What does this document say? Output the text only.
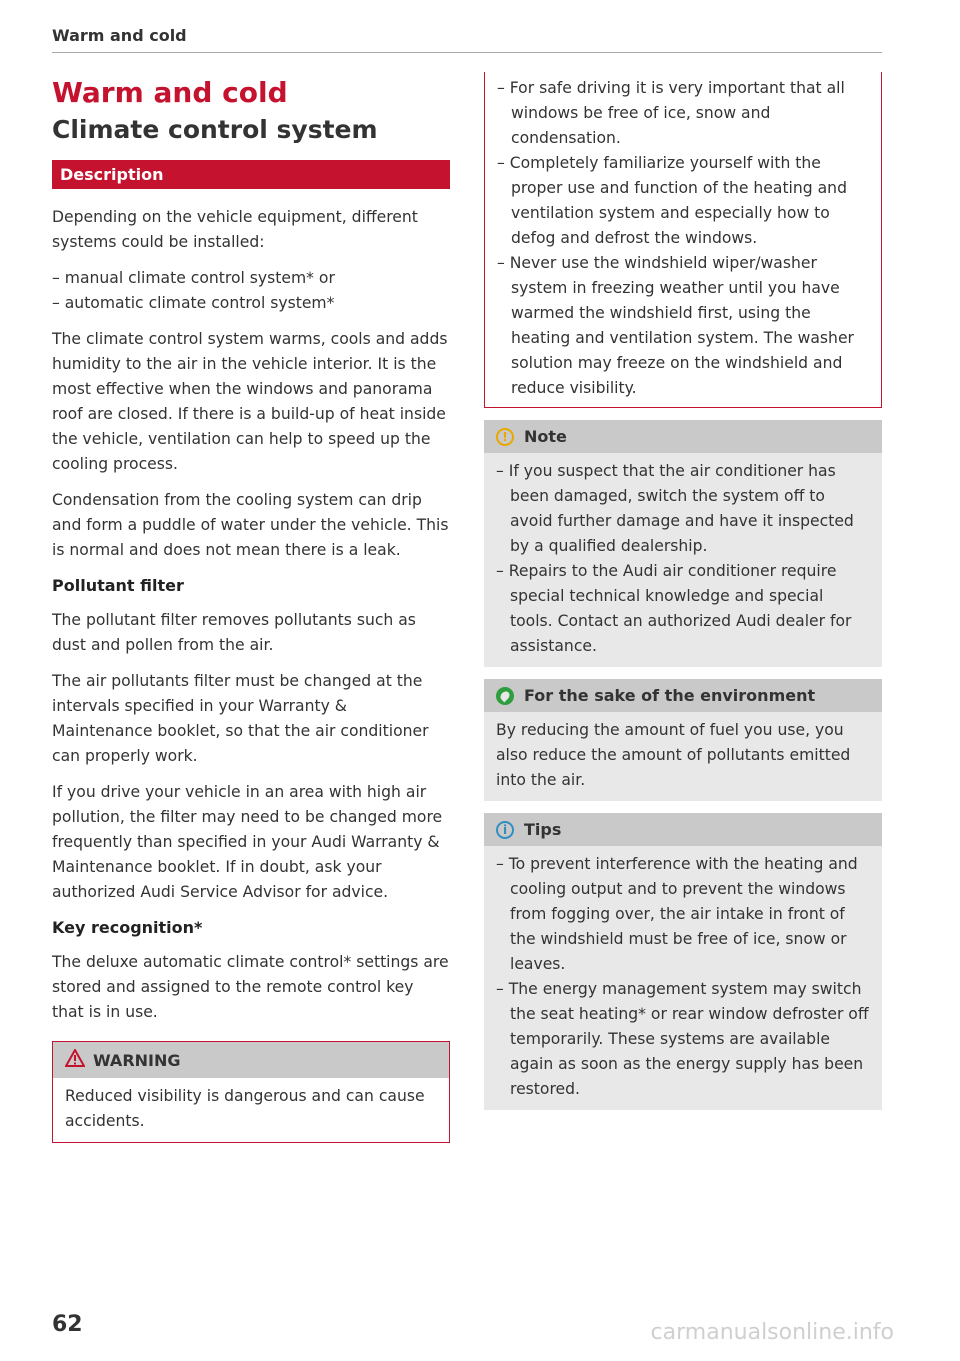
Warm and cold
Warm and cold
Climate control system
Description

Depending on the vehicle equipment, different systems could be installed:

– manual climate control system* or
– automatic climate control system*

The climate control system warms, cools and adds humidity to the air in the vehicle interior. It is the most effective when the windows and panorama roof are closed. If there is a build-up of heat inside the vehicle, ventilation can help to speed up the cooling process.

Condensation from the cooling system can drip and form a puddle of water under the vehicle. This is normal and does not mean there is a leak.

Pollutant filter

The pollutant filter removes pollutants such as dust and pollen from the air.

The air pollutants filter must be changed at the intervals specified in your Warranty & Maintenance booklet, so that the air conditioner can properly work.

If you drive your vehicle in an area with high air pollution, the filter may need to be changed more frequently than specified in your Audi Warranty & Maintenance booklet. If in doubt, ask your authorized Audi Service Advisor for advice.

Key recognition*

The deluxe automatic climate control* settings are stored and assigned to the remote control key that is in use.

WARNING

Reduced visibility is dangerous and can cause accidents.

– For safe driving it is very important that all windows be free of ice, snow and condensation.
– Completely familiarize yourself with the proper use and function of the heating and ventilation system and especially how to defog and defrost the windows.
– Never use the windshield wiper/washer system in freezing weather until you have warmed the windshield first, using the heating and ventilation system. The washer solution may freeze on the windshield and reduce visibility.
!	Note
– If you suspect that the air conditioner has been damaged, switch the system off to avoid further damage and have it inspected by a qualified dealership.
– Repairs to the Audi air conditioner require special technical knowledge and special tools. Contact an authorized Audi dealer for assistance.
For the sake of the environment

By reducing the amount of fuel you use, you also reduce the amount of pollutants emitted into the air.

i	Tips
– To prevent interference with the heating and cooling output and to prevent the windows from fogging over, the air intake in front of the windshield must be free of ice, snow or leaves.
– The energy management system may switch the seat heating* or rear window defroster off temporarily. These systems are available again as soon as the energy supply has been restored.
62	carmanualsonline.info
